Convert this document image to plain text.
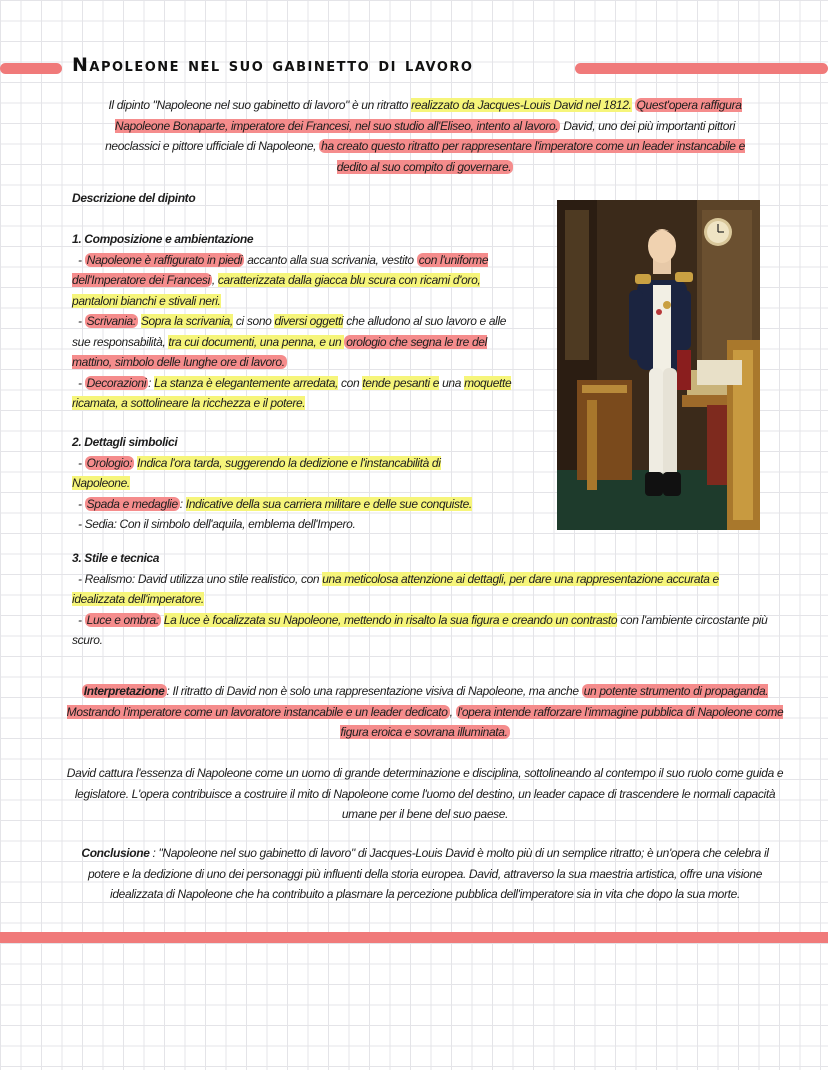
Napoleone nel suo gabinetto di lavoro
Il dipinto "Napoleone nel suo gabinetto di lavoro" è un ritratto realizzato da Jacques-Louis David nel 1812. Quest'opera raffigura Napoleone Bonaparte, imperatore dei Francesi, nel suo studio all'Eliseo, intento al lavoro. David, uno dei più importanti pittori neoclassici e pittore ufficiale di Napoleone, ha creato questo ritratto per rappresentare l'imperatore come un leader instancabile e dedito al suo compito di governare.
Descrizione del dipinto
1. Composizione e ambientazione
- Napoleone è raffigurato in piedi accanto alla sua scrivania, vestito con l'uniforme dell'Imperatore dei Francesi , caratterizzata dalla giacca blu scura con ricami d'oro, pantaloni bianchi e stivali neri.
- Scrivania: Sopra la scrivania, ci sono diversi oggetti che alludono al suo lavoro e alle sue responsabilità, tra cui documenti, una penna, e un orologio che segna le tre del mattino, simbolo delle lunghe ore di lavoro.
- Decorazioni : La stanza è elegantemente arredata, con tende pesanti e una moquette ricamata, a sottolineare la ricchezza e il potere.
2. Dettagli simbolici
- Orologio: Indica l'ora tarda, suggerendo la dedizione e l'instancabilità di Napoleone.
- Spada e medaglie : Indicative della sua carriera militare e delle sue conquiste.
- Sedia: Con il simbolo dell'aquila, emblema dell'Impero.
3. Stile e tecnica
- Realismo: David utilizza uno stile realistico, con una meticolosa attenzione ai dettagli, per dare una rappresentazione accurata e idealizzata dell'imperatore.
- Luce e ombra: La luce è focalizzata su Napoleone, mettendo in risalto la sua figura e creando un contrasto con l'ambiente circostante più scuro.
Interpretazione : Il ritratto di David non è solo una rappresentazione visiva di Napoleone, ma anche un potente strumento di propaganda. Mostrando l'imperatore come un lavoratore instancabile e un leader dedicato , l'opera intende rafforzare l'immagine pubblica di Napoleone come figura eroica e sovrana illuminata.
David cattura l'essenza di Napoleone come un uomo di grande determinazione e disciplina, sottolineando al contempo il suo ruolo come guida e legislatore. L'opera contribuisce a costruire il mito di Napoleone come l'uomo del destino, un leader capace di trascendere le normali capacità umane per il bene del suo paese.
Conclusione : "Napoleone nel suo gabinetto di lavoro" di Jacques-Louis David è molto più di un semplice ritratto; è un'opera che celebra il potere e la dedizione di uno dei personaggi più influenti della storia europea. David, attraverso la sua maestria artistica, offre una visione idealizzata di Napoleone che ha contribuito a plasmare la percezione pubblica dell'imperatore sia in vita che dopo la sua morte.
